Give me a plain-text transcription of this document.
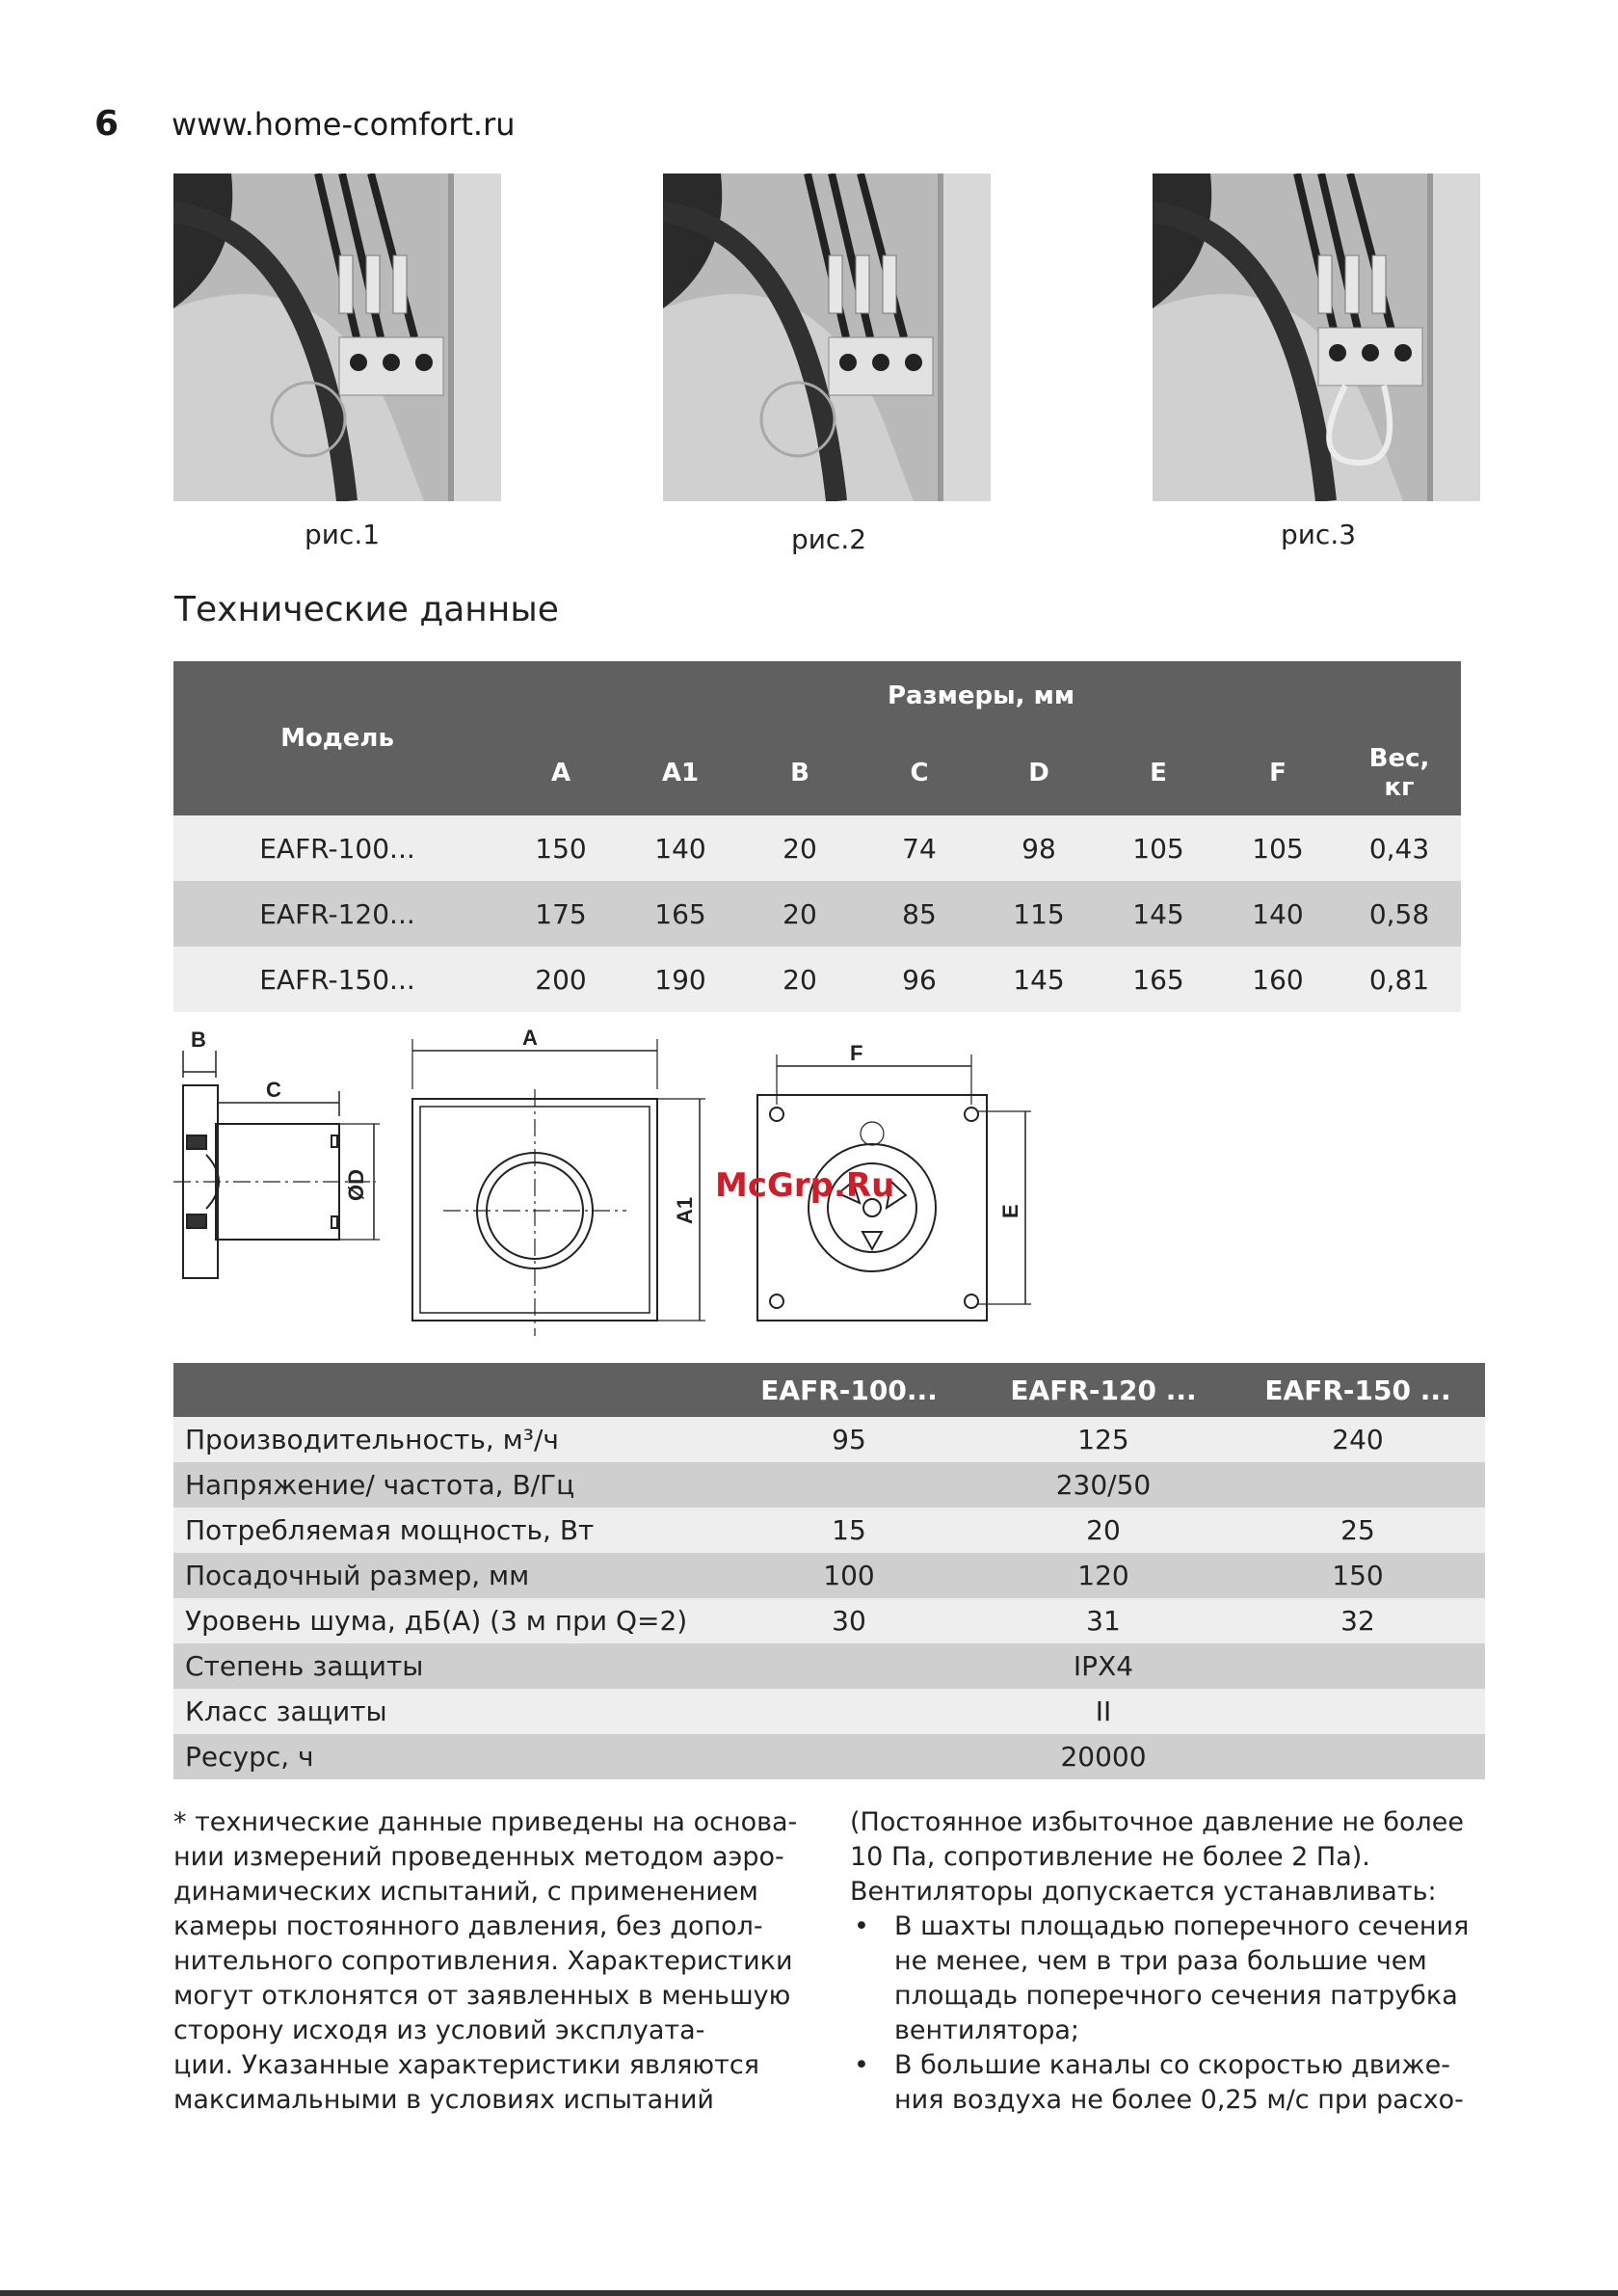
6 www.home-comfort.ru
рис.1	рис.2	рис.3
Технические данные
Модель	Размеры, мм							
	A	A1	B	C	D	E	F	Вес,
кг
EAFR-100...	150	140	20	74	98	105	105	0,43
EAFR-120...	175	165	20	85	115	145	140	0,58
EAFR-150...	200	190	20	96	145	165	160	0,81
B
C
ØD
A
A1
F
E
McGrp.Ru
	EAFR-100...	EAFR-120 ...	EAFR-150 ...
Производительность, м³/ч	95	125	240
Напряжение/ частота, В/Гц	230/50		
Потребляемая мощность, Вт	15	20	25
Посадочный размер, мм	100	120	150
Уровень шума, дБ(А) (3 м при Q=2)	30	31	32
Степень защиты	IPX4		
Класс защиты	II		
Ресурс, ч	20000		

* технические данные приведены на основа-

нии измерений проведенных методом аэро-

динамических испытаний, с применением

камеры постоянного давления, без допол-

нительного сопротивления. Характеристики

могут отклонятся от заявленных в меньшую

сторону исходя из условий эксплуата-

ции. Указанные характеристики являются

максимальными в условиях испытаний

(Постоянное избыточное давление не более

10 Па, сопротивление не более 2 Па).

Вентиляторы допускается устанавливать:

• В шахты площадью поперечного сечения

не менее, чем в три раза большие чем

площадь поперечного сечения патрубка

вентилятора;

• В большие каналы со скоростью движе-

ния воздуха не более 0,25 м/с при расхо-
